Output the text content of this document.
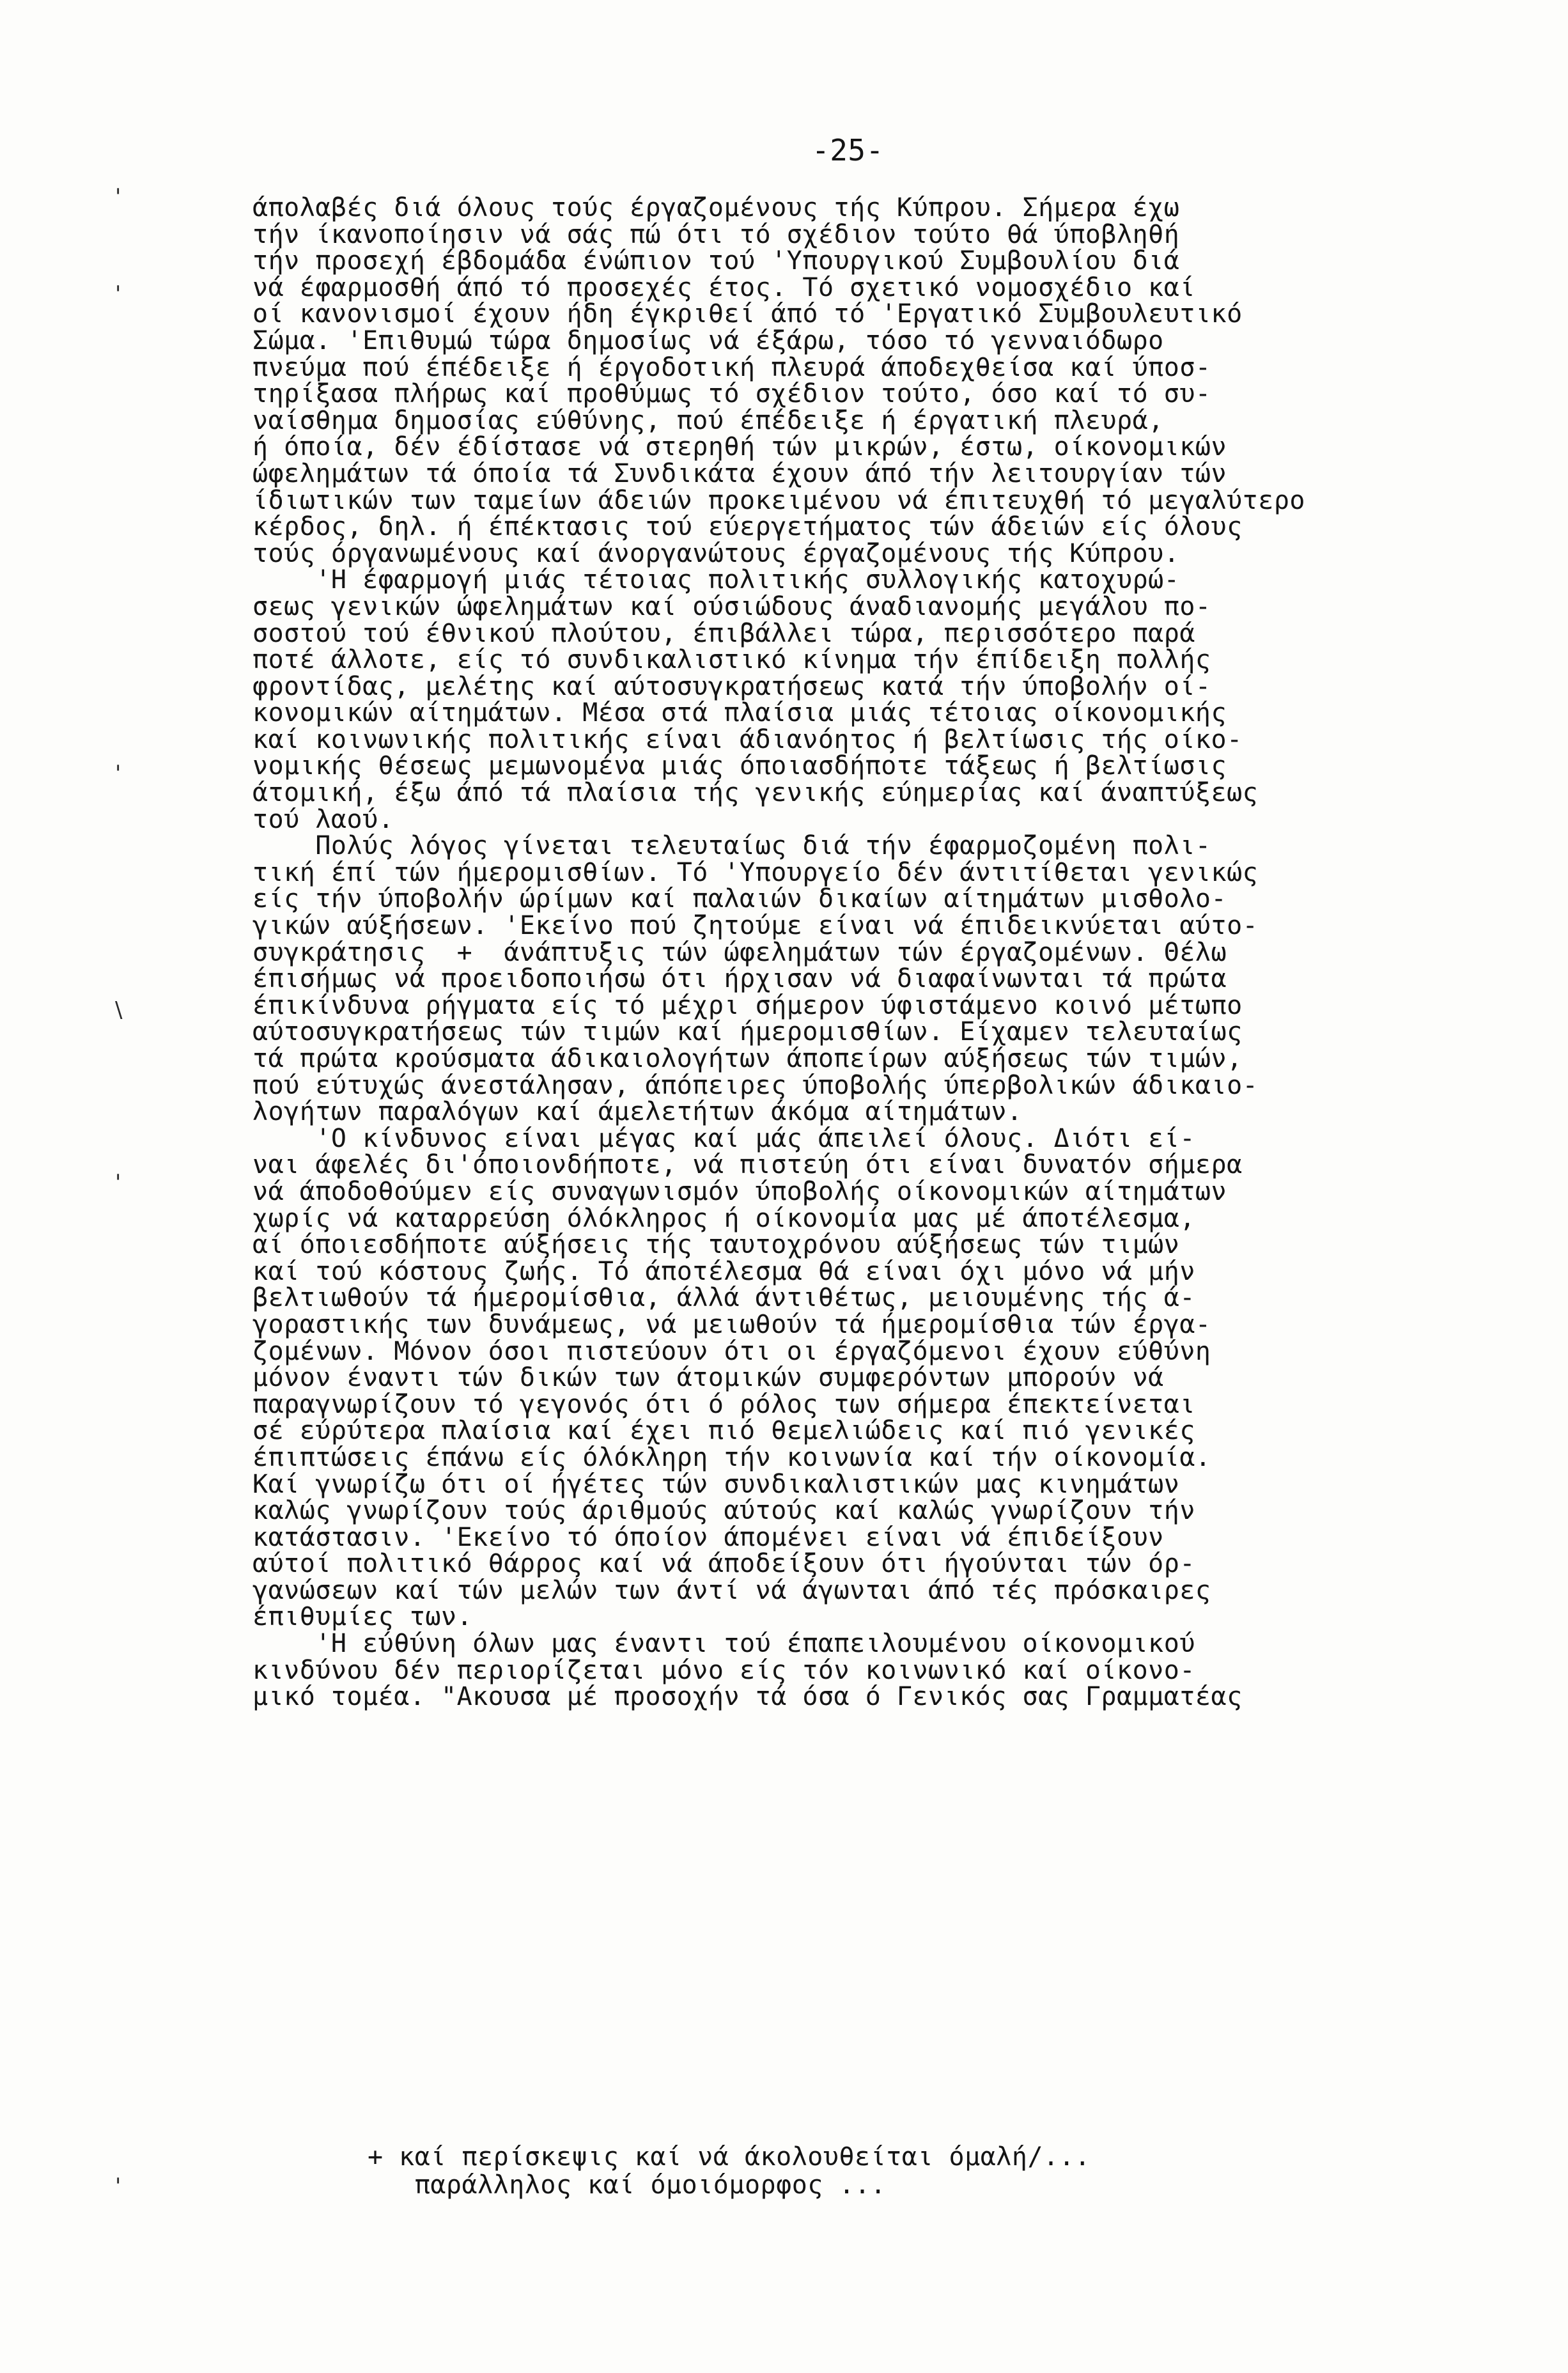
-25-
άπολαβές διά όλους τούς έργαζομένους τής Κύπρου. Σήμερα έχω
τήν ίκανοποίησιν νά σάς πώ ότι τό σχέδιον τούτο θά ύποβληθή
τήν προσεχή έβδομάδα ένώπιον τού 'Υπουργικού Συμβουλίου διά
νά έφαρμοσθή άπό τό προσεχές έτος. Τό σχετικό νομοσχέδιο καί
οί κανονισμοί έχουν ήδη έγκριθεί άπό τό 'Εργατικό Συμβουλευτικό
Σώμα. 'Επιθυμώ τώρα δημοσίως νά έξάρω, τόσο τό γενναιόδωρο
πνεύμα πού έπέδειξε ή έργοδοτική πλευρά άποδεχθείσα καί ύποσ-
τηρίξασα πλήρως καί προθύμως τό σχέδιον τούτο, όσο καί τό συ-
ναίσθημα δημοσίας εύθύνης, πού έπέδειξε ή έργατική πλευρά,
ή όποία, δέν έδίστασε νά στερηθή τών μικρών, έστω, οίκονομικών
ώφελημάτων τά όποία τά Συνδικάτα έχουν άπό τήν λειτουργίαν τών
ίδιωτικών των ταμείων άδειών προκειμένου νά έπιτευχθή τό μεγαλύτερο
κέρδος, δηλ. ή έπέκτασις τού εύεργετήματος τών άδειών είς όλους
τούς όργανωμένους καί άνοργανώτους έργαζομένους τής Κύπρου.
'Η έφαρμογή μιάς τέτοιας πολιτικής συλλογικής κατοχυρώ-
σεως γενικών ώφελημάτων καί ούσιώδους άναδιανομής μεγάλου πο-
σοστού τού έθνικού πλούτου, έπιβάλλει τώρα, περισσότερο παρά
ποτέ άλλοτε, είς τό συνδικαλιστικό κίνημα τήν έπίδειξη πολλής
φροντίδας, μελέτης καί αύτοσυγκρατήσεως κατά τήν ύποβολήν οί-
κονομικών αίτημάτων. Μέσα στά πλαίσια μιάς τέτοιας οίκονομικής
καί κοινωνικής πολιτικής είναι άδιανόητος ή βελτίωσις τής οίκο-
νομικής θέσεως μεμωνομένα μιάς όποιασδήποτε τάξεως ή βελτίωσις
άτομική, έξω άπό τά πλαίσια τής γενικής εύημερίας καί άναπτύξεως
τού λαού.
Πολύς λόγος γίνεται τελευταίως διά τήν έφαρμοζομένη πολι-
τική έπί τών ήμερομισθίων. Τό 'Υπουργείο δέν άντιτίθεται γενικώς
είς τήν ύποβολήν ώρίμων καί παλαιών δικαίων αίτημάτων μισθολο-
γικών αύξήσεων. 'Εκείνο πού ζητούμε είναι νά έπιδεικνύεται αύτο-
συγκράτησις  +  άνάπτυξις τών ώφελημάτων τών έργαζομένων. Θέλω
έπισήμως νά προειδοποιήσω ότι ήρχισαν νά διαφαίνωνται τά πρώτα
έπικίνδυνα ρήγματα είς τό μέχρι σήμερον ύφιστάμενο κοινό μέτωπο
αύτοσυγκρατήσεως τών τιμών καί ήμερομισθίων. Είχαμεν τελευταίως
τά πρώτα κρούσματα άδικαιολογήτων άποπείρων αύξήσεως τών τιμών,
πού εύτυχώς άνεστάλησαν, άπόπειρες ύποβολής ύπερβολικών άδικαιο-
λογήτων παραλόγων καί άμελετήτων άκόμα αίτημάτων.
'Ο κίνδυνος είναι μέγας καί μάς άπειλεί όλους. Διότι εί-
ναι άφελές δι'όποιονδήποτε, νά πιστεύη ότι είναι δυνατόν σήμερα
νά άποδοθούμεν είς συναγωνισμόν ύποβολής οίκονομικών αίτημάτων
χωρίς νά καταρρεύση όλόκληρος ή οίκονομία μας μέ άποτέλεσμα,
αί όποιεσδήποτε αύξήσεις τής ταυτοχρόνου αύξήσεως τών τιμών
καί τού κόστους ζωής. Τό άποτέλεσμα θά είναι όχι μόνο νά μήν
βελτιωθούν τά ήμερομίσθια, άλλά άντιθέτως, μειουμένης τής ά-
γοραστικής των δυνάμεως, νά μειωθούν τά ήμερομίσθια τών έργα-
ζομένων. Μόνον όσοι πιστεύουν ότι οι έργαζόμενοι έχουν εύθύνη
μόνον έναντι τών δικών των άτομικών συμφερόντων μπορούν νά
παραγνωρίζουν τό γεγονός ότι ό ρόλος των σήμερα έπεκτείνεται
σέ εύρύτερα πλαίσια καί έχει πιό θεμελιώδεις καί πιό γενικές
έπιπτώσεις έπάνω είς όλόκληρη τήν κοινωνία καί τήν οίκονομία.
Καί γνωρίζω ότι οί ήγέτες τών συνδικαλιστικών μας κινημάτων
καλώς γνωρίζουν τούς άριθμούς αύτούς καί καλώς γνωρίζουν τήν
κατάστασιν. 'Εκείνο τό όποίον άπομένει είναι νά έπιδείξουν
αύτοί πολιτικό θάρρος καί νά άποδείξουν ότι ήγούνται τών όρ-
γανώσεων καί τών μελών των άντί νά άγωνται άπό τές πρόσκαιρες
έπιθυμίες των.
'Η εύθύνη όλων μας έναντι τού έπαπειλουμένου οίκονομικού
κινδύνου δέν περιορίζεται μόνο είς τόν κοινωνικό καί οίκονο-
μικό τομέα. "Ακουσα μέ προσοχήν τά όσα ό Γενικός σας Γραμματέας
+ καί περίσκεψις καί νά άκολουθείται όμαλή/...
παράλληλος καί όμοιόμορφος ...
'
'
'
\
'
'
